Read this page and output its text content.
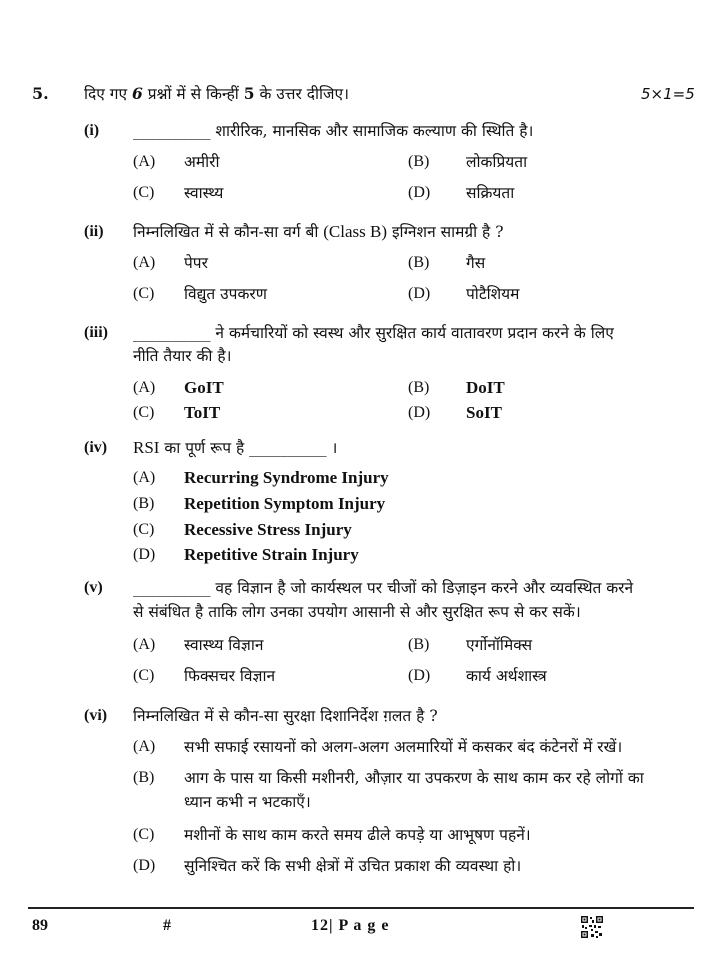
5. दिए गए 6 प्रश्नों में से किन्हीं 5 के उत्तर दीजिए।	5×1=5
(i) __________ शारीरिक, मानसिक और सामाजिक कल्याण की स्थिति है।
(A) अमीरी	(B) लोकप्रियता
(C) स्वास्थ्य	(D) सक्रियता
(ii) निम्नलिखित में से कौन-सा वर्ग बी (Class B) इग्निशन सामग्री है ?
(A) पेपर	(B) गैस
(C) विद्युत उपकरण	(D) पोटैशियम
(iii) __________ ने कर्मचारियों को स्वस्थ और सुरक्षित कार्य वातावरण प्रदान करने के लिए
नीति तैयार की है।
(A) GoIT	(B) DoIT
(C) ToIT	(D) SoIT
(iv) RSI का पूर्ण रूप है __________ ।
(A) Recurring Syndrome Injury
(B) Repetition Symptom Injury
(C) Recessive Stress Injury
(D) Repetitive Strain Injury
(v) __________ वह विज्ञान है जो कार्यस्थल पर चीजों को डिज़ाइन करने और व्यवस्थित करने
से संबंधित है ताकि लोग उनका उपयोग आसानी से और सुरक्षित रूप से कर सकें।
(A) स्वास्थ्य विज्ञान	(B) एर्गोनॉमिक्स
(C) फिक्सचर विज्ञान	(D) कार्य अर्थशास्त्र
(vi) निम्नलिखित में से कौन-सा सुरक्षा दिशानिर्देश ग़लत है ?
(A) सभी सफाई रसायनों को अलग-अलग अलमारियों में कसकर बंद कंटेनरों में रखें।
(B) आग के पास या किसी मशीनरी, औज़ार या उपकरण के साथ काम कर रहे लोगों का
ध्यान कभी न भटकाएँ।
(C) मशीनों के साथ काम करते समय ढीले कपड़े या आभूषण पहनें।
(D) सुनिश्चित करें कि सभी क्षेत्रों में उचित प्रकाश की व्यवस्था हो।
89	#	12| P a g e
